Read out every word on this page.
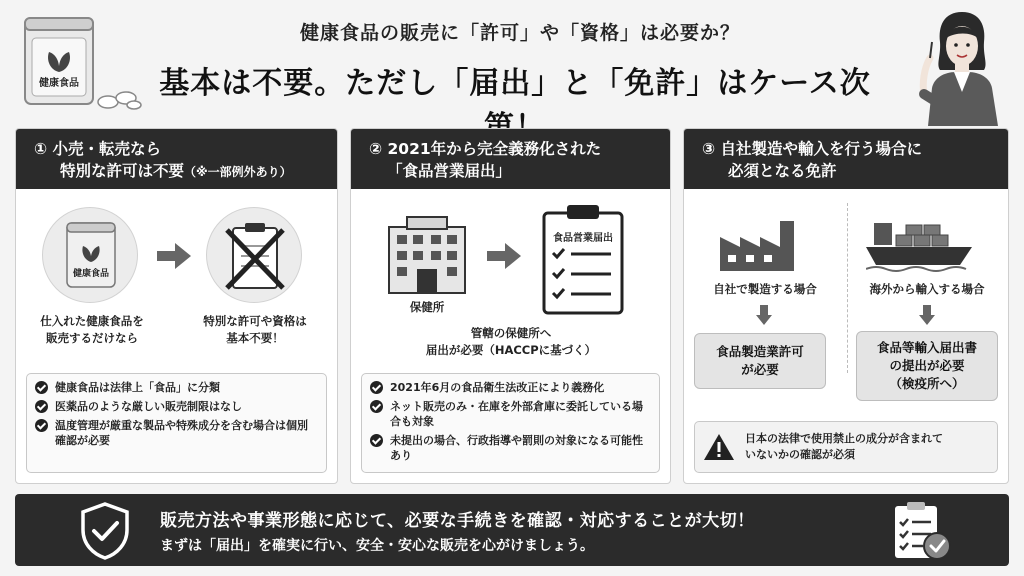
健康食品
健康食品の販売に「許可」や「資格」は必要か？
基本は不要。ただし「届出」と「免許」はケース次
① 小売・転売なら
特別な許可は不要（※一部例外あり）
健康食品
仕入れた健康食品を
販売するだけなら
特別な許可や資格は
基本不要！
健康食品は法律上「食品」に分類
医薬品のような厳しい販売制限はなし
温度管理が厳重な製品や特殊成分を含む場合は個別確認が必要
② 2021年から完全義務化された
「食品営業届出」
保健所
食品営業届出
管轄の保健所へ
届出が必要（HACCPに基づく）
2021年6月の食品衛生法改正により義務化
ネット販売のみ・在庫を外部倉庫に委託している場合も対象
未提出の場合、行政指導や罰則の対象になる可能性あり
③ 自社製造や輸入を行う場合に
必須となる免許
自社で製造する場合
食品製造業許可
が必要
海外から輸入する場合
食品等輸入届出書
の提出が必要
（検疫所へ）
日本の法律で使用禁止の成分が含まれて
いないかの確認が必須
販売方法や事業形態に応じて、必要な手続きを確認・対応することが大切！
まずは「届出」を確実に行い、安全・安心な販売を心がけましょう。
